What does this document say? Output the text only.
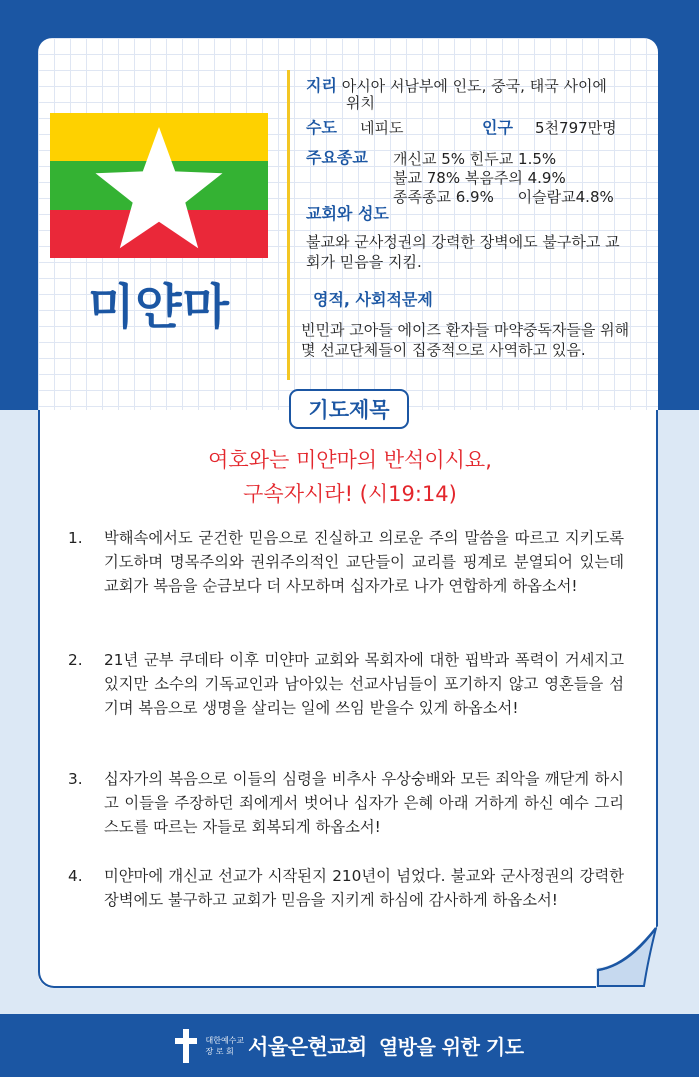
미얀마
지리 아시아 서남부에 인도, 중국, 태국 사이에
위치
수도 네피도	인구 5천797만명
주요종교 개신교 5% 힌두교 1.5%
불교 78% 복음주의 4.9%
종족종교 6.9%     이슬람교4.8%
교회와 성도
불교와 군사정권의 강력한 장벽에도 불구하고 교
회가 믿음을 지킴.
영적, 사회적문제
빈민과 고아들 에이즈 환자들 마약중독자들을 위해
몇 선교단체들이 집중적으로 사역하고 있음.
기도제목
여호와는 미얀마의 반석이시요,
구속자시라! (시19:14)
1.	박해속에서도 굳건한 믿음으로 진실하고 의로운 주의 말씀을 따르고 지키도록 기도하며 명목주의와 권위주의적인 교단들이 교리를 핑계로 분열되어 있는데 교회가 복음을 순금보다 더 사모하며 십자가로 나가 연합하게 하옵소서!
2.	21년 군부 쿠데타 이후 미얀마 교회와 목회자에 대한 핍박과 폭력이 거세지고 있지만 소수의 기독교인과 남아있는 선교사님들이 포기하지 않고 영혼들을 섬기며 복음으로 생명을 살리는 일에 쓰임 받을수 있게 하옵소서!
3.	십자가의 복음으로 이들의 심령을 비추사 우상숭배와 모든 죄악을 깨닫게 하시고 이들을 주장하던 죄에게서 벗어나 십자가 은혜 아래 거하게 하신 예수 그리스도를 따르는 자들로 회복되게 하옵소서!
4.	미얀마에 개신교 선교가 시작된지 210년이 넘었다. 불교와 군사정권의 강력한 장벽에도 불구하고 교회가 믿음을 지키게 하심에 감사하게 하옵소서!
대한예수교
장 로 회 서울은현교회 열방을 위한 기도
